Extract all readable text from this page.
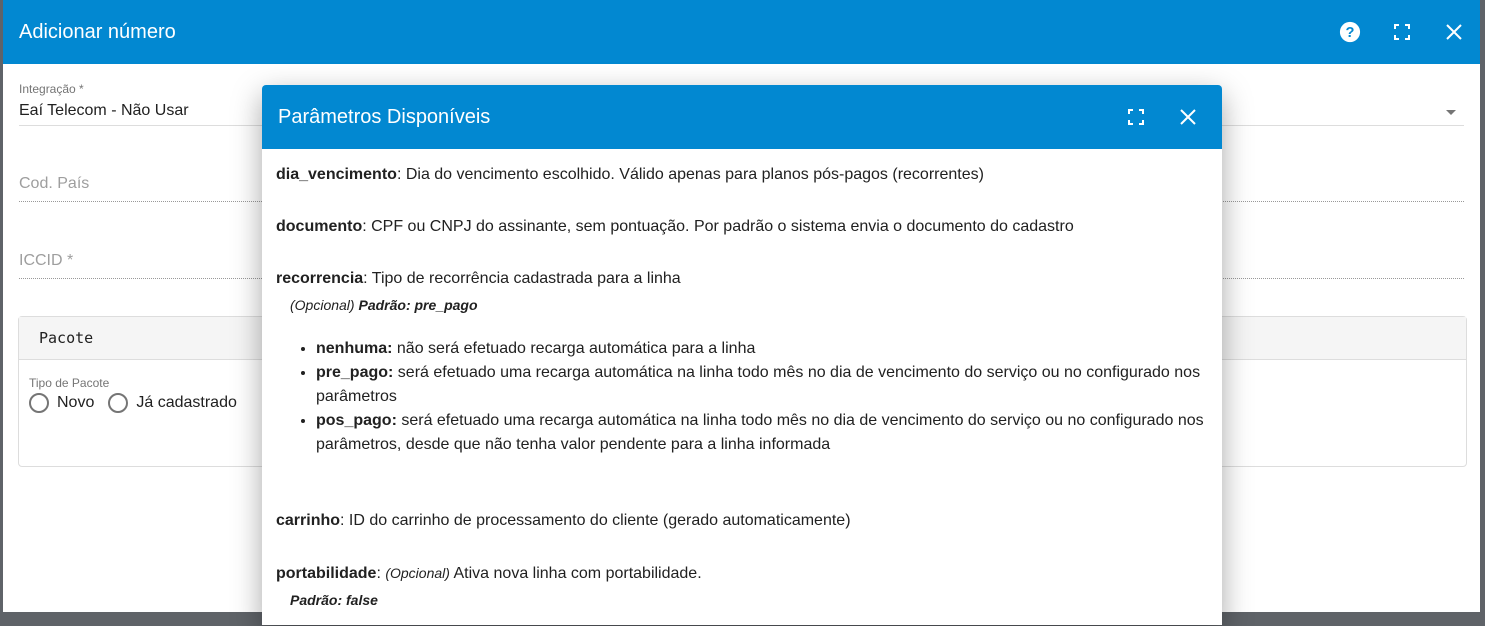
Adicionar número	?
Integração *
Eaí Telecom - Não Usar
Cod. País
ICCID *
Pacote
Tipo de Pacote
Novo	Já cadastrado
Parâmetros Disponíveis

dia_vencimento: Dia do vencimento escolhido. Válido apenas para planos pós-pagos (recorrentes)

documento: CPF ou CNPJ do assinante, sem pontuação. Por padrão o sistema envia o documento do cadastro

recorrencia: Tipo de recorrência cadastrada para a linha
(Opcional) Padrão: pre_pago
• nenhuma: não será efetuado recarga automática para a linha
• pre_pago: será efetuado uma recarga automática na linha todo mês no dia de vencimento do serviço ou no configurado nos parâmetros
• pos_pago: será efetuado uma recarga automática na linha todo mês no dia de vencimento do serviço ou no configurado nos parâmetros, desde que não tenha valor pendente para a linha informada

carrinho: ID do carrinho de processamento do cliente (gerado automaticamente)

portabilidade: (Opcional) Ativa nova linha com portabilidade.
Padrão: false
